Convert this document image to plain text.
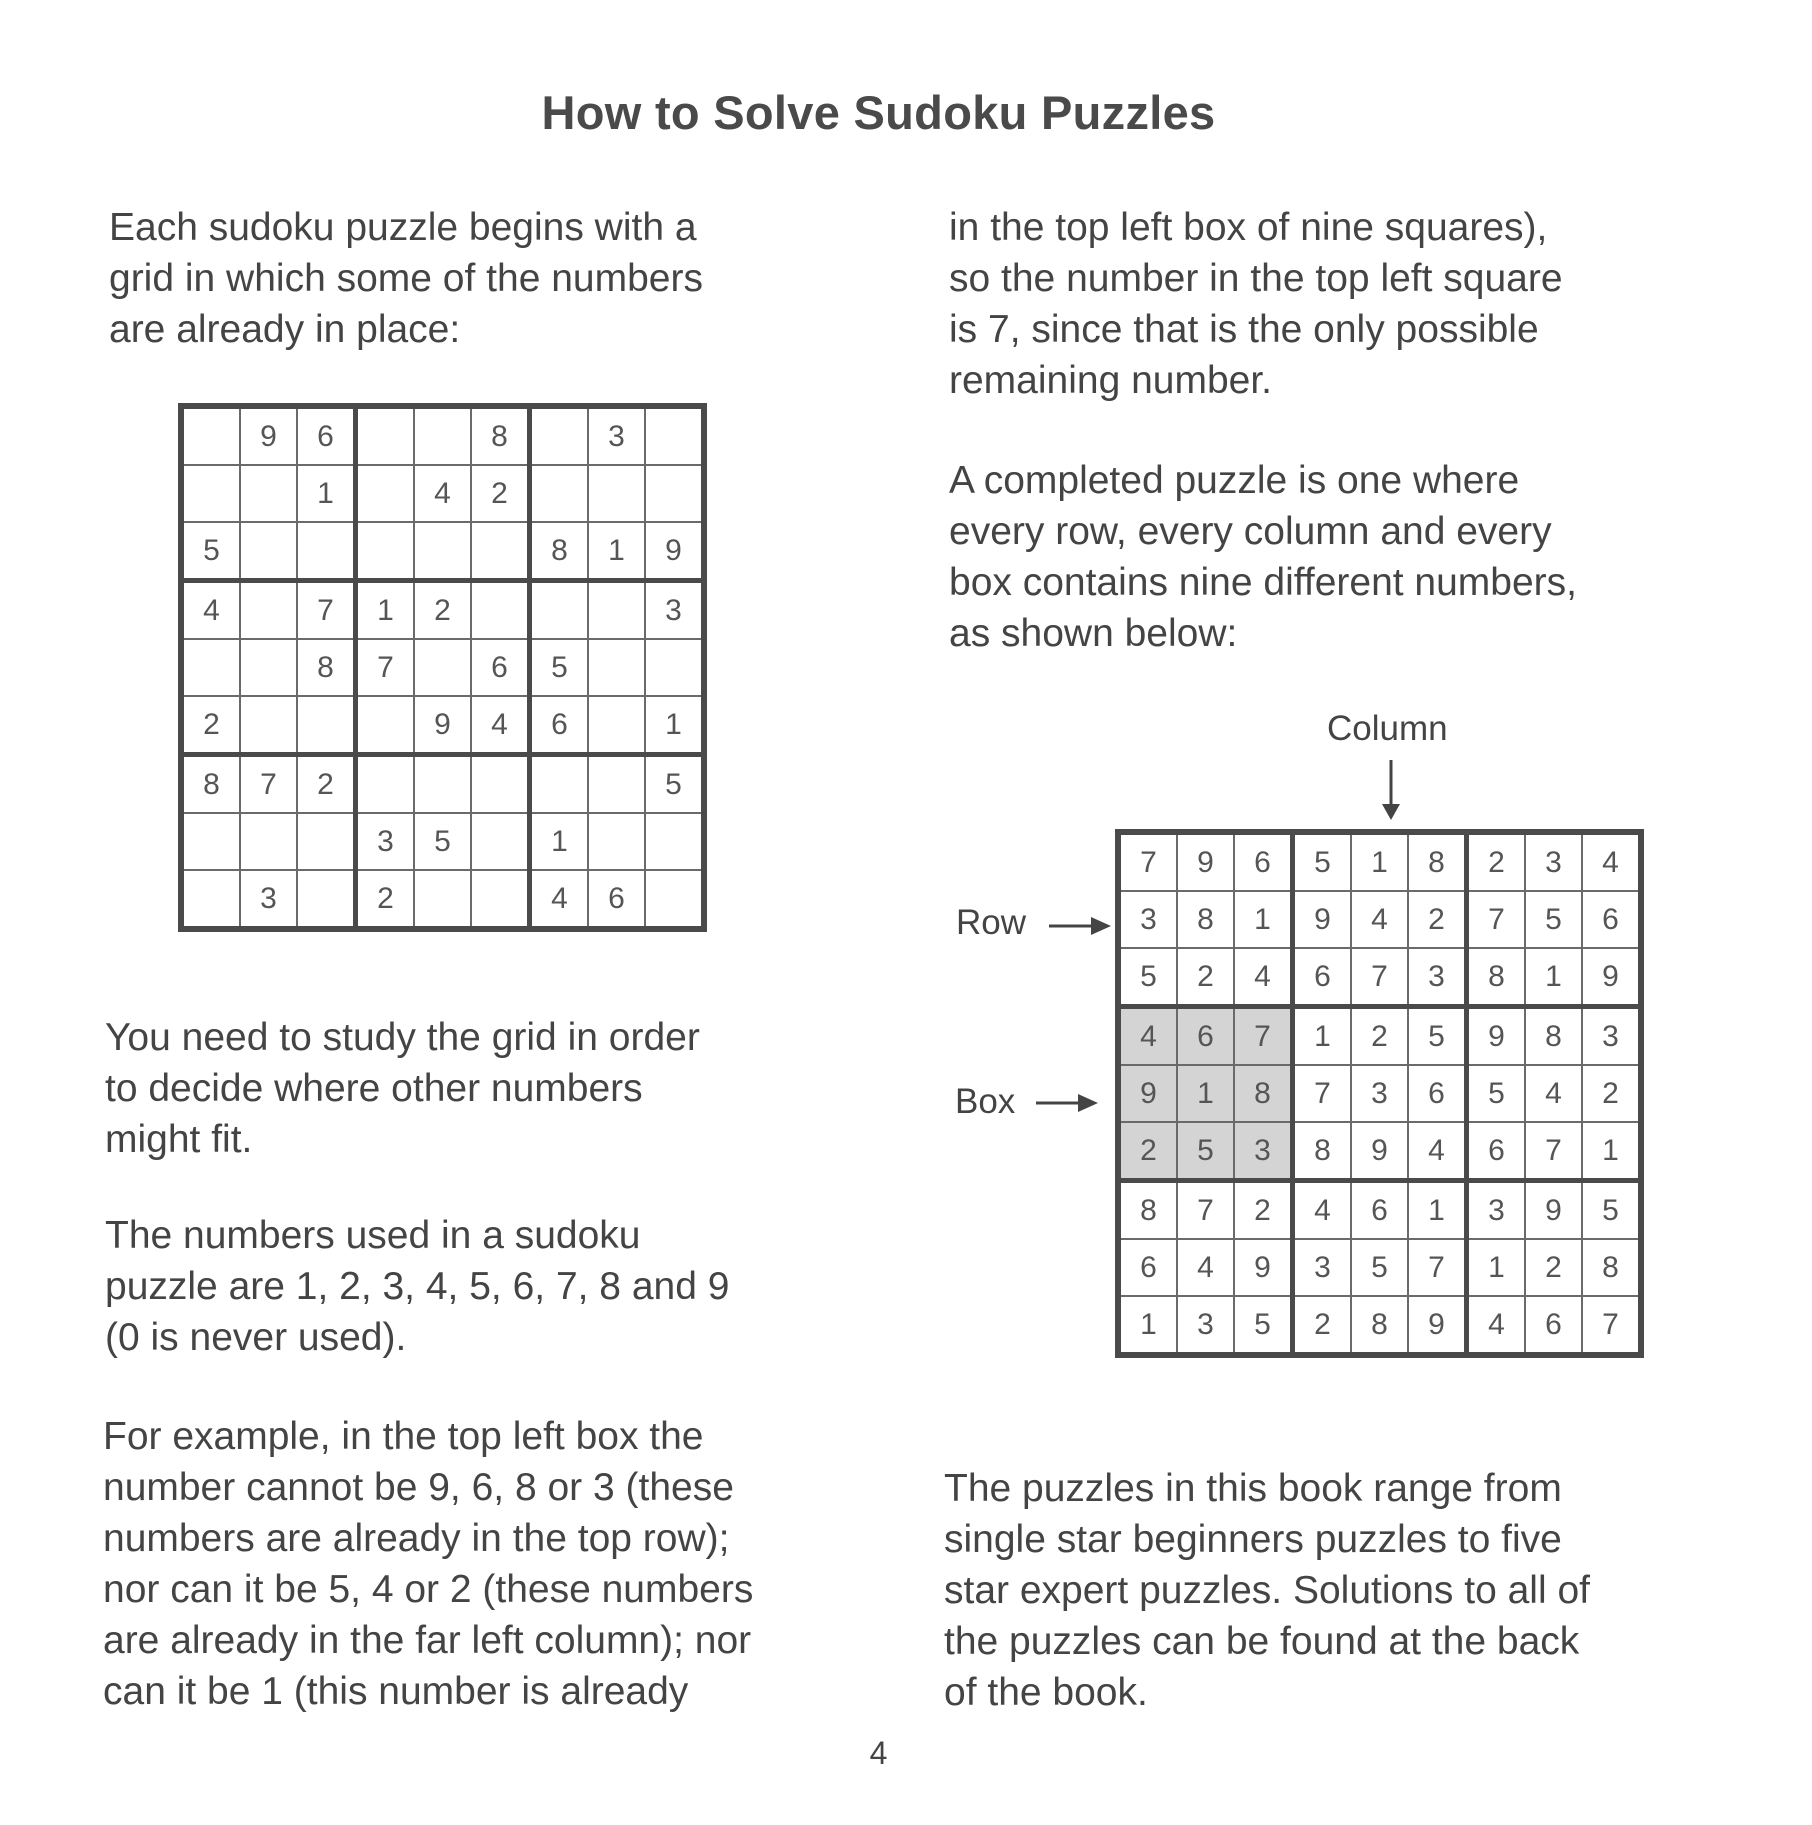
How to Solve Sudoku Puzzles

Each sudoku puzzle begins with a
grid in which some of the numbers
are already in place:

	9	6			8		3	
		1		4	2			
5						8	1	9
4		7	1	2				3
		8	7		6	5		
2				9	4	6		1
8	7	2						5
			3	5		1		
	3		2			4	6	

You need to study the grid in order
to decide where other numbers
might fit.

The numbers used in a sudoku
puzzle are 1, 2, 3, 4, 5, 6, 7, 8 and 9
(0 is never used).

For example, in the top left box the
number cannot be 9, 6, 8 or 3 (these
numbers are already in the top row);
nor can it be 5, 4 or 2 (these numbers
are already in the far left column); nor
can it be 1 (this number is already

in the top left box of nine squares),
so the number in the top left square
is 7, since that is the only possible
remaining number.

A completed puzzle is one where
every row, every column and every
box contains nine different numbers,
as shown below:

Column
Row
Box
7	9	6	5	1	8	2	3	4
3	8	1	9	4	2	7	5	6
5	2	4	6	7	3	8	1	9
4	6	7	1	2	5	9	8	3
9	1	8	7	3	6	5	4	2
2	5	3	8	9	4	6	7	1
8	7	2	4	6	1	3	9	5
6	4	9	3	5	7	1	2	8
1	3	5	2	8	9	4	6	7

The puzzles in this book range from
single star beginners puzzles to five
star expert puzzles. Solutions to all of
the puzzles can be found at the back
of the book.

4
